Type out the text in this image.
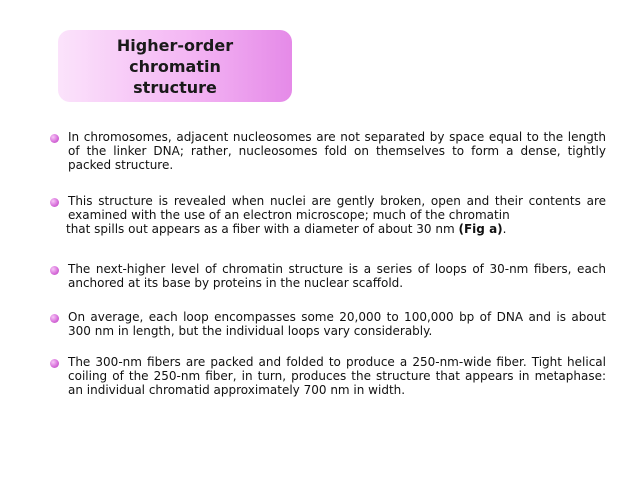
Higher-order chromatin
structure

In chromosomes, adjacent nucleosomes are not separated by space equal to the length of the linker DNA; rather, nucleosomes fold on themselves to form a dense, tightly packed structure.

This structure is revealed when nuclei are gently broken, open and their contents are examined with the use of an electron microscope; much of the chromatin
that spills out appears as a fiber with a diameter of about 30 nm (Fig a).

The next-higher level of chromatin structure is a series of loops of 30-nm fibers, each anchored at its base by proteins in the nuclear scaffold.

On average, each loop encompasses some 20,000 to 100,000 bp of DNA and is about 300 nm in length, but the individual loops vary considerably.

The 300-nm fibers are packed and folded to produce a 250-nm-wide fiber. Tight helical coiling of the 250-nm fiber, in turn, produces the structure that appears in metaphase: an individual chromatid approximately 700 nm in width.
